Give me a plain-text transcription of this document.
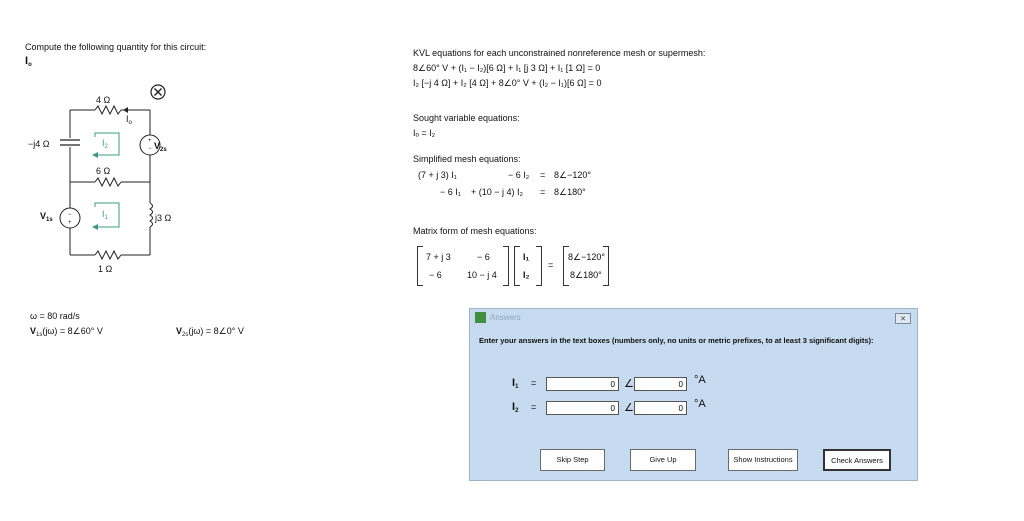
Compute the following quantity for this circuit:
$I_o$
+
−
−
+
4 Ω
$I_o$
−j4 Ω	$I_2$	$V_{2s}$
6 Ω
$V_{1s}$
$I_1$	j3 Ω
1 Ω
ω = 80 rad/s
$V_{1s}(j\omega)$ = 8∠60° V	$V_{2s}(j\omega)$ = 8∠0° V
KVL equations for each unconstrained nonreference mesh or supermesh:
8∠60° V + (I₁ − I₂)[6 Ω] + I₁ [j 3 Ω] + I₁ [1 Ω] = 0
I₂ [−j 4 Ω] + I₂ [4 Ω] + 8∠0° V + (I₂ − I₁)[6 Ω] = 0
Sought variable equations:
Iₒ = I₂
Simplified mesh equations:
(7 + j 3) I₁	− 6 I₂ = 8∠−120°
− 6 I₁ + (10 − j 4) I₂ = 8∠180°
Matrix form of mesh equations:
7 + j 3	− 6
− 6	10 − j 4
I₁
I₂
=
8∠−120°
8∠180°
Answers	✕
Enter your answers in the text boxes (numbers only, no units or metric prefixes, to at least 3 significant digits):
$I_1$ =
0	∠
0	°A
$I_2$ =
0	∠
0	°A
Skip Step	Give Up	Show Instructions	Check Answers
